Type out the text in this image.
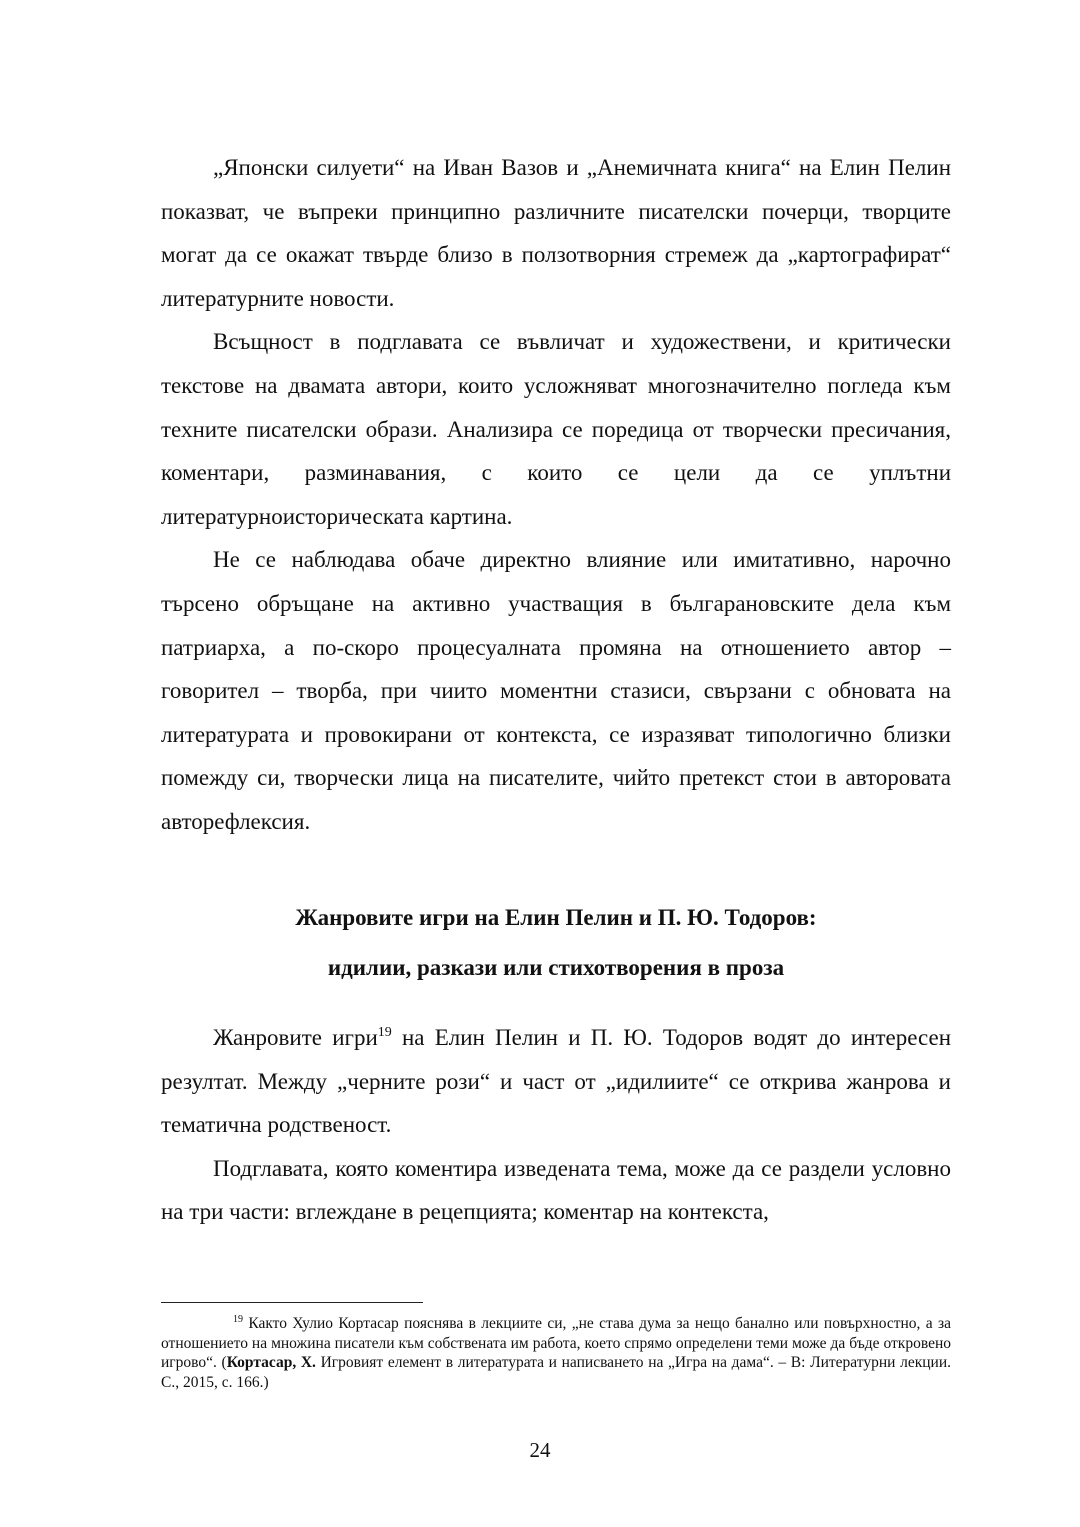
„Японски силуети“ на Иван Вазов и „Анемичната книга“ на Елин Пелин показват, че въпреки принципно различните писателски почерци, творците могат да се окажат твърде близо в ползотворния стремеж да „картографират“ литературните новости.

Всъщност в подглавата се въвличат и художествени, и критически текстове на двамата автори, които усложняват многозначително погледа към техните писателски образи. Анализира се поредица от творчески пресичания, коментари, разминавания, с които се цели да се уплътни литературноисторическата картина.

Не се наблюдава обаче директно влияние или имитативно, нарочно търсено обръщане на активно участващия в българановските дела към патриарха, а по-скоро процесуалната промяна на отношението автор – говорител – творба, при чиито моментни стазиси, свързани с обновата на литературата и провокирани от контекста, се изразяват типологично близки помежду си, творчески лица на писателите, чийто претекст стои в авторовата авторефлексия.

Жанровите игри на Елин Пелин и П. Ю. Тодоров:
идилии, разкази или стихотворения в проза

Жанровите игри$^{19}$ на Елин Пелин и П. Ю. Тодоров водят до интересен резултат. Между „черните рози“ и част от „идилиите“ се открива жанрова и тематична родственост.

Подглавата, която коментира изведената тема, може да се раздели условно на три части: вглеждане в рецепцията; коментар на контекста,

$^{19}$ Както Хулио Кортасар пояснява в лекциите си, „не става дума за нещо банално или повърхностно, а за отношението на множина писатели към собствената им работа, което спрямо определени теми може да бъде откровено игрово“. (Кортасар, Х. Игровият елемент в литературата и написването на „Игра на дама“. – В: Литературни лекции. С., 2015, с. 166.)
24
